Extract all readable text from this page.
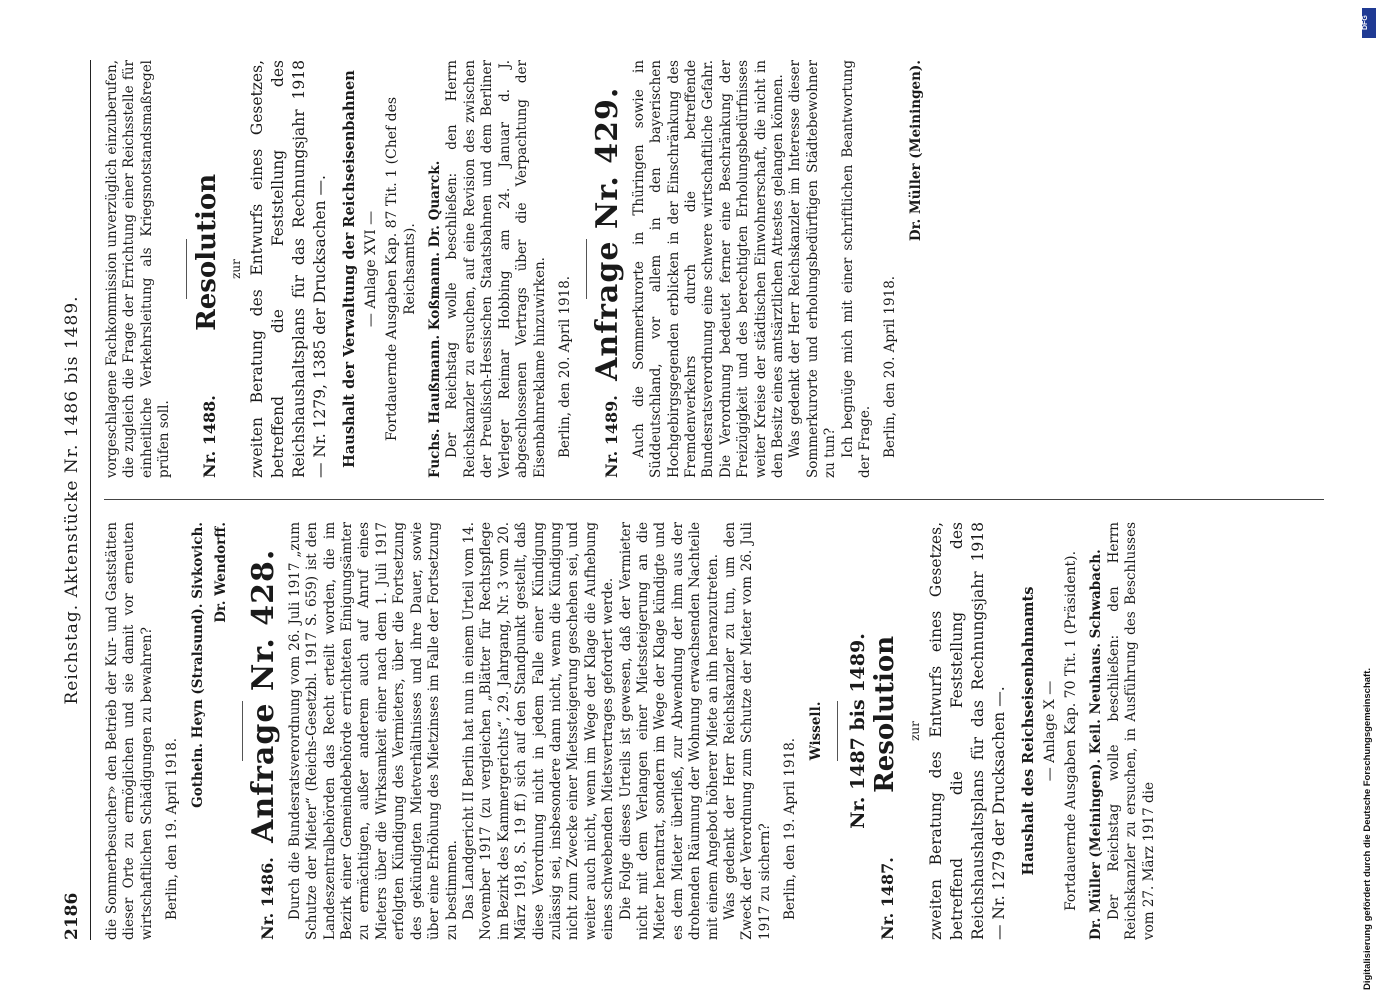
2186
Reichstag. Aktenstücke Nr. 1486 bis 1489.

die Sommerbesucher» den Betrieb der Kur- und Gaststätten dieser Orte zu ermöglichen und sie damit vor erneuten wirtschaftlichen Schädigungen zu bewahren? Berlin, den 19. April 1918.

Gothein. Heyn (Stralsund). Sivkovich. Dr. Wendorff.

Nr. 1486. Anfrage Nr. 428. Durch die Bundesratsverordnung vom 26. Juli 1917 „zum Schutze der Mieter“ (Reichs-Gesetzbl. 1917 S. 659) ist den Landeszentralbehörden das Recht erteilt worden, die im Bezirk einer Gemeindebehörde errichteten Einigungsämter zu ermächtigen, außer anderem auch auf Anruf eines Mieters über die Wirksamkeit einer nach dem 1. Juli 1917 erfolgten Kündigung des Vermieters, über die Fortsetzung des gekündigten Mietverhältnisses und ihre Dauer, sowie über eine Erhöhung des Mietzinses im Falle der Fortsetzung zu bestimmen. Das Landgericht II Berlin hat nun in einem Urteil vom 14. November 1917 (zu vergleichen „Blätter für Rechtspflege im Bezirk des Kammergerichts“, 29. Jahrgang, Nr. 3 vom 20. März 1918, S. 19 ff.) sich auf den Standpunkt gestellt, daß diese Verordnung nicht in jedem Falle einer Kündigung zulässig sei, insbesondere dann nicht, wenn die Kündigung nicht zum Zwecke einer Mietssteigerung geschehen sei, und weiter auch nicht, wenn im Wege der Klage die Aufhebung eines schwebenden Mietsvertrages gefordert werde. Die Folge dieses Urteils ist gewesen, daß der Vermieter nicht mit dem Verlangen einer Mietssteigerung an die Mieter herantrat, sondern im Wege der Klage kündigte und es dem Mieter überließ, zur Abwendung der ihm aus der drohenden Räumung der Wohnung erwachsenden Nachteile mit einem Angebot höherer Miete an ihn heranzutreten. Was gedenkt der Herr Reichskanzler zu tun, um den Zweck der Verordnung zum Schutze der Mieter vom 26. Juli 1917 zu sichern? Berlin, den 19. April 1918.

Wissell. Nr. 1487 bis 1489.

Nr. 1487. Resolution zur zweiten Beratung des Entwurfs eines Gesetzes, betreffend die Feststellung des Reichshaushaltsplans für das Rechnungsjahr 1918 — Nr. 1279 der Drucksachen —. Haushalt des Reichseisenbahnamts — Anlage X — Fortdauernde Ausgaben Kap. 70 Tit. 1 (Präsident). Dr. Müller (Meiningen). Keil. Neuhaus. Schwabach. Der Reichstag wolle beschließen: den Herrn Reichskanzler zu ersuchen, in Ausführung des Beschlusses vom 27. März 1917 die

vorgeschlagene Fachkommission unverzüglich einzuberufen, die zugleich die Frage der Errichtung einer Reichsstelle für einheitliche Verkehrsleitung als Kriegsnotstandsmaßregel prüfen soll. Nr. 1488. Resolution zur zweiten Beratung des Entwurfs eines Gesetzes, betreffend die Feststellung des Reichshaushaltsplans für das Rechnungsjahr 1918 — Nr. 1279, 1385 der Drucksachen —. Haushalt der Verwaltung der Reichseisenbahnen — Anlage XVI — Fortdauernde Ausgaben Kap. 87 Tit. 1 (Chef des Reichsamts). Fuchs. Haußmann. Koßmann. Dr. Quarck. Der Reichstag wolle beschließen: den Herrn Reichskanzler zu ersuchen, auf eine Revision des zwischen der Preußisch-Hessischen Staatsbahnen und dem Berliner Verleger Reimar Hobbing am 24. Januar d. J. abgeschlossenen Vertrags über die Verpachtung der Eisenbahnreklame hinzuwirken. Berlin, den 20. April 1918. Nr. 1489. Anfrage Nr. 429. Auch die Sommerkurorte in Thüringen sowie in Süddeutschland, vor allem in den bayerischen Hochgebirgsgegenden erblicken in der Einschränkung des Fremdenverkehrs durch die betreffende Bundesratsverordnung eine schwere wirtschaftliche Gefahr. Die Verordnung bedeutet ferner eine Beschränkung der Freizügigkeit und des berechtigten Erholungsbedürfnisses weiter Kreise der städtischen Einwohnerschaft, die nicht in den Besitz eines amtsärztlichen Attestes gelangen können. Was gedenkt der Herr Reichskanzler im Interesse dieser Sommerkurorte und erholungsbedürftigen Städtebewohner zu tun? Ich begnüge mich mit einer schriftlichen Beantwortung der Frage. Berlin, den 20. April 1918.

Dr. Müller (Meiningen).

Digitalisierung gefördert durch die Deutsche Forschungsgemeinschaft.
DFG
